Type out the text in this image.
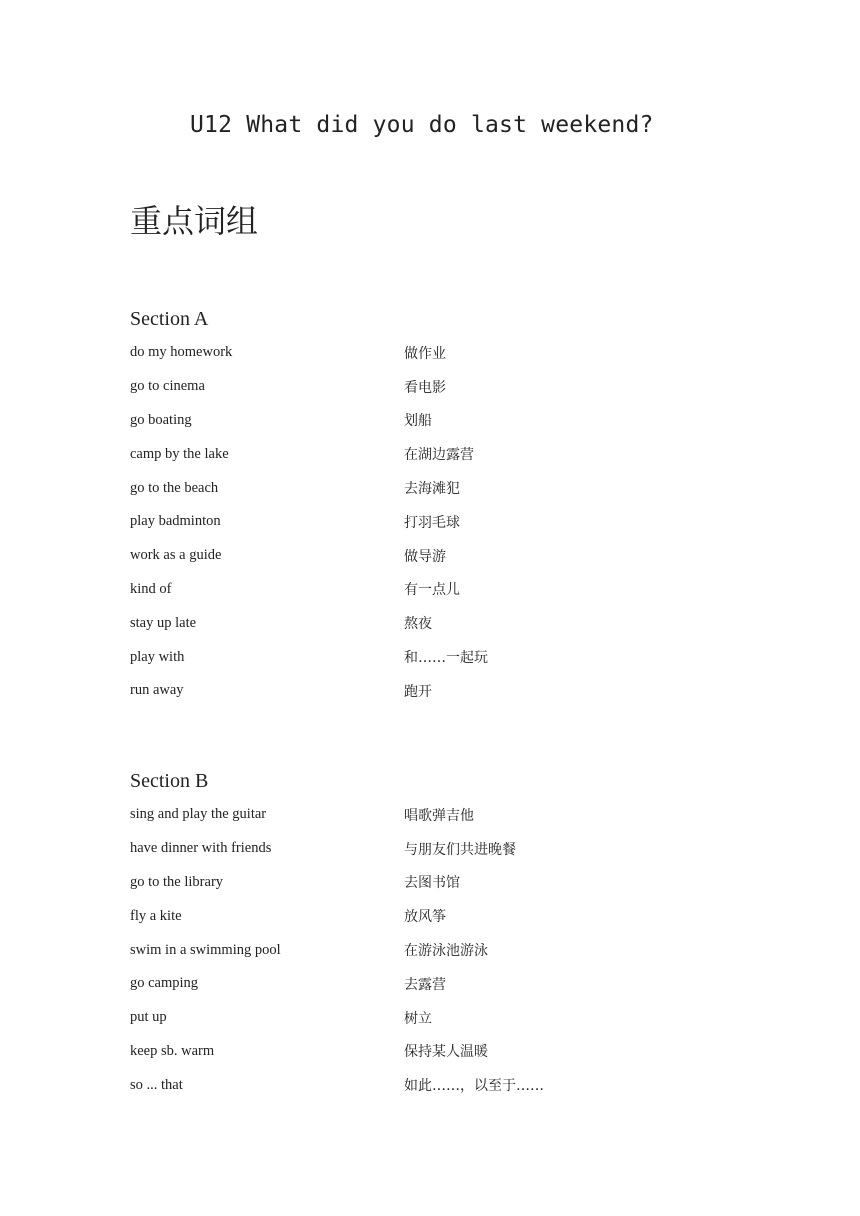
U12 What did you do last weekend?
重点词组
Section A
do my homework	做作业
go to cinema	看电影
go boating	划船
camp by the lake	在湖边露营
go to the beach	去海滩犯
play badminton	打羽毛球
work as a guide	做导游
kind of	有一点儿
stay up late	熬夜
play with	和……一起玩
run away	跑开
Section B
sing and play the guitar	唱歌弹吉他
have dinner with friends	与朋友们共进晚餐
go to the library	去图书馆
fly a kite	放风筝
swim in a swimming pool	在游泳池游泳
go camping	去露营
put up	树立
keep sb. warm	保持某人温暖
so ... that	如此……，以至于……
